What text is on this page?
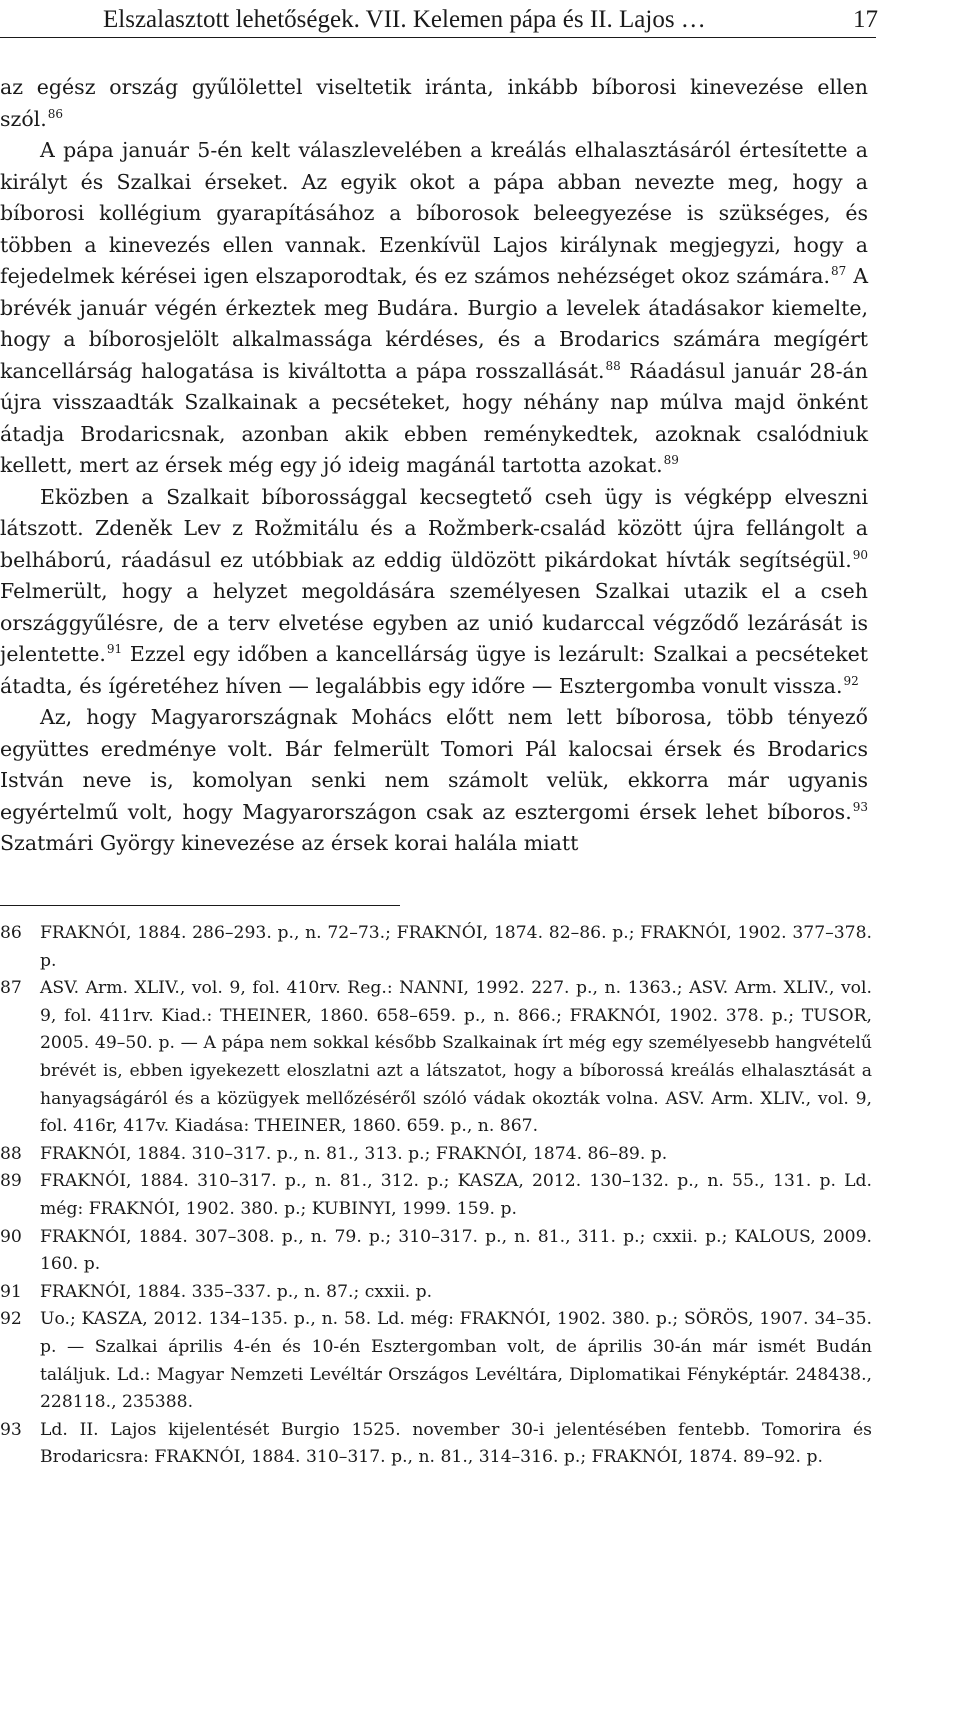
Elszalasztott lehetőségek. VII. Kelemen pápa és II. Lajos …	17

az egész ország gyűlölettel viseltetik iránta, inkább bíborosi kinevezése ellen szól.$^{86}$

A pápa január 5-én kelt válaszlevelében a kreálás elhalasztásáról értesítette a királyt és Szalkai érseket. Az egyik okot a pápa abban nevezte meg, hogy a bíborosi kollégium gyarapításához a bíborosok beleegyezése is szükséges, és többen a kinevezés ellen vannak. Ezenkívül Lajos királynak megjegyzi, hogy a fejedelmek kérései igen elszaporodtak, és ez számos nehézséget okoz számára.$^{87}$ A brévék január végén érkeztek meg Budára. Burgio a levelek átadásakor kiemelte, hogy a bíborosjelölt alkalmassága kérdéses, és a Brodarics számára megígért kancellárság halogatása is kiváltotta a pápa rosszallását.$^{88}$ Ráadásul január 28-án újra visszaadták Szalkainak a pecséteket, hogy néhány nap múlva majd önként átadja Brodaricsnak, azonban akik ebben reménykedtek, azoknak csalódniuk kellett, mert az érsek még egy jó ideig magánál tartotta azokat.$^{89}$

Eközben a Szalkait bíborossággal kecsegtető cseh ügy is végképp elveszni látszott. Zdeněk Lev z Rožmitálu és a Rožmberk-család között újra fellángolt a belháború, ráadásul ez utóbbiak az eddig üldözött pikárdokat hívták segítségül.$^{90}$ Felmerült, hogy a helyzet megoldására személyesen Szalkai utazik el a cseh országgyűlésre, de a terv elvetése egyben az unió kudarccal végződő lezárását is jelentette.$^{91}$ Ezzel egy időben a kancellárság ügye is lezárult: Szalkai a pecséteket átadta, és ígéretéhez híven — legalábbis egy időre — Esztergomba vonult vissza.$^{92}$

Az, hogy Magyarországnak Mohács előtt nem lett bíborosa, több tényező együttes eredménye volt. Bár felmerült Tomori Pál kalocsai érsek és Brodarics István neve is, komolyan senki nem számolt velük, ekkorra már ugyanis egyértelmű volt, hogy Magyarországon csak az esztergomi érsek lehet bíboros.$^{93}$ Szatmári György kinevezése az érsek korai halála miatt

86 FRAKNÓI, 1884. 286–293. p., n. 72–73.; FRAKNÓI, 1874. 82–86. p.; FRAKNÓI, 1902. 377–378. p.
87 ASV. Arm. XLIV., vol. 9, fol. 410rv. Reg.: NANNI, 1992. 227. p., n. 1363.; ASV. Arm. XLIV., vol. 9, fol. 411rv. Kiad.: THEINER, 1860. 658–659. p., n. 866.; FRAKNÓI, 1902. 378. p.; TUSOR, 2005. 49–50. p. — A pápa nem sokkal később Szalkainak írt még egy személyesebb hangvételű brévét is, ebben igyekezett eloszlatni azt a látszatot, hogy a bíborossá kreálás elhalasztását a hanyagságáról és a közügyek mellőzéséről szóló vádak okozták volna. ASV. Arm. XLIV., vol. 9, fol. 416r, 417v. Kiadása: THEINER, 1860. 659. p., n. 867.
88 FRAKNÓI, 1884. 310–317. p., n. 81., 313. p.; FRAKNÓI, 1874. 86–89. p.
89 FRAKNÓI, 1884. 310–317. p., n. 81., 312. p.; KASZA, 2012. 130–132. p., n. 55., 131. p. Ld. még: FRAKNÓI, 1902. 380. p.; KUBINYI, 1999. 159. p.
90 FRAKNÓI, 1884. 307–308. p., n. 79. p.; 310–317. p., n. 81., 311. p.; cxxii. p.; KALOUS, 2009. 160. p.
91 FRAKNÓI, 1884. 335–337. p., n. 87.; cxxii. p.
92 Uo.; KASZA, 2012. 134–135. p., n. 58. Ld. még: FRAKNÓI, 1902. 380. p.; SÖRÖS, 1907. 34–35. p. — Szalkai április 4-én és 10-én Esztergomban volt, de április 30-án már ismét Budán találjuk. Ld.: Magyar Nemzeti Levéltár Országos Levéltára, Diplomatikai Fényképtár. 248438., 228118., 235388.
93 Ld. II. Lajos kijelentését Burgio 1525. november 30-i jelentésében fentebb. Tomorira és Brodaricsra: FRAKNÓI, 1884. 310–317. p., n. 81., 314–316. p.; FRAKNÓI, 1874. 89–92. p.
